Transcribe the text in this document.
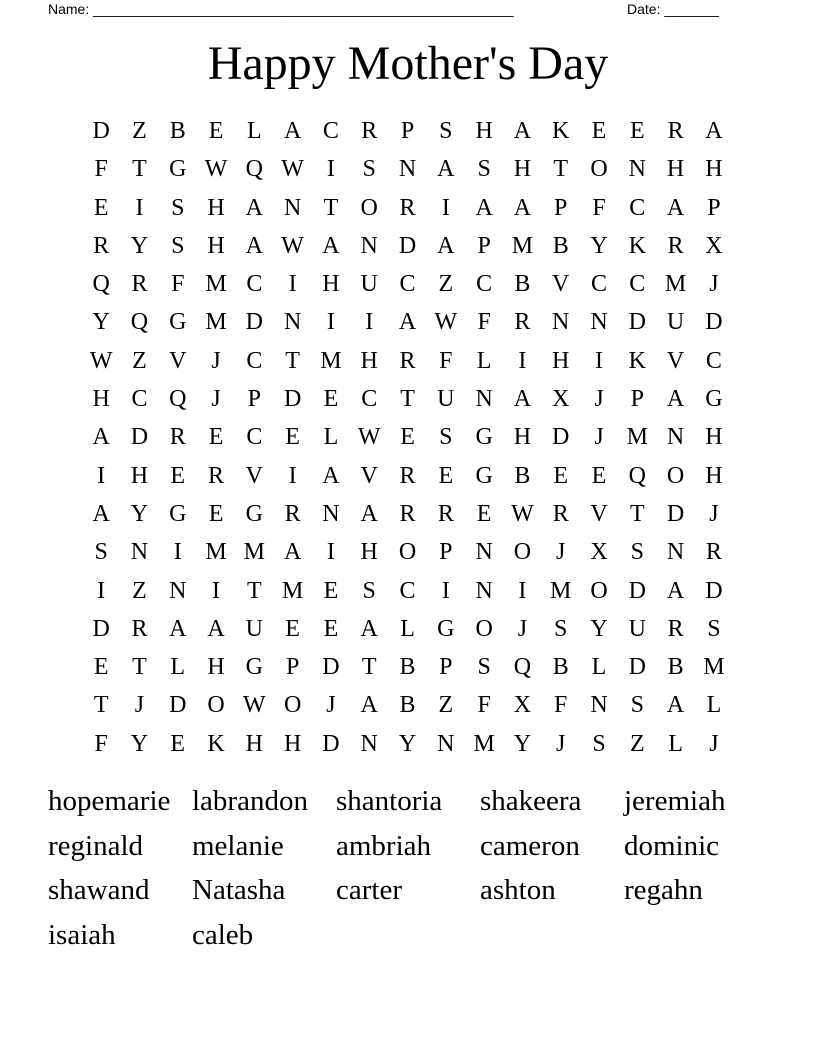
Name: ______________________________________________________	Date: _______
Happy Mother's Day
D Z B E L A C R P	S H A K E E R A
F	T G W Q W I	S N A S H T O N H H
E	I	S H A N T O R	I	A A P	F C A P
R Y S H A W A N D A P M B Y K R X
Q R F M C	I	H U C Z C B V C C M J
Y Q G M D N	I	I	A W F R N N D U D
W Z V	J	C T M H R F	L	I	H	I	K V C
H C Q	J	P D E C T U N A X	J	P A G
A D R E C E L W E	S G H D	J M N H
I	H E R V	I	A V R E G B E E Q O H
A Y G E G R N A R R E W R V T D	J
S N	I M M A	I	H O P N O	J	X S N R
I	Z N	I	T M E	S C	I	N	I M O D A D
D R A A U E E A L G O	J	S Y U R S
E T L H G P D T B P	S Q B L D B M
T	J	D O W O	J	A B Z	F X F N S A L
F Y E K H H D N Y N M Y	J	S	Z L	J
hopemarie labrandon shantoria	shakeera	jeremiah
reginald	melanie	ambriah	cameron	dominic
shawand	Natasha	carter	ashton	regahn
isaiah	caleb
